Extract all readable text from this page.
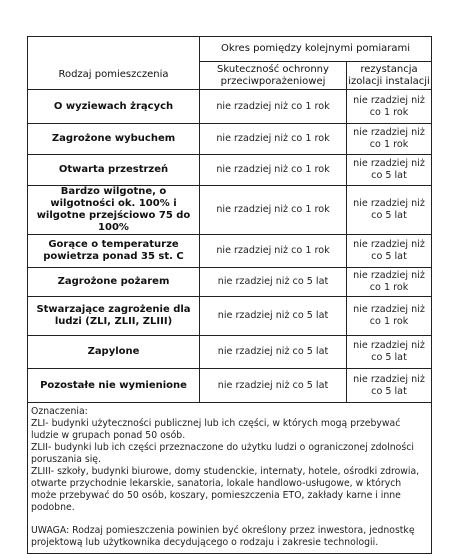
Rodzaj pomieszczenia	Okres pomiędzy kolejnymi pomiarami	
	Skuteczność ochronny przeciwporażeniowej	rezystancja izolacji instalacji
O wyziewach żrących	nie rzadziej niż co 1 rok	nie rzadziej niż co 1 rok
Zagrożone wybuchem	nie rzadziej niż co 1 rok	nie rzadziej niż co 1 rok
Otwarta przestrzeń	nie rzadziej niż co 1 rok	nie rzadziej niż co 5 lat
Bardzo wilgotne, o wilgotności ok. 100% i wilgotne przejściowo 75 do 100%	nie rzadziej niż co 1 rok	nie rzadziej niż co 5 lat
Gorące o temperaturze powietrza ponad 35 st. C	nie rzadziej niż co 1 rok	nie rzadziej niż co 5 lat
Zagrożone pożarem	nie rzadziej niż co 5 lat	nie rzadziej niż co 1 rok
Stwarzające zagrożenie dla ludzi (ZLI, ZLII, ZLIII)	nie rzadziej niż co 5 lat	nie rzadziej niż co 1 rok
Zapylone	nie rzadziej niż co 5 lat	nie rzadziej niż co 5 lat
Pozostałe nie wymienione	nie rzadziej niż co 5 lat	nie rzadziej niż co 5 lat

Oznaczenia:

ZLI- budynki użyteczności publicznej lub ich części, w których mogą przebywać ludzie w grupach ponad 50 osób.

ZLII- budynki lub ich części przeznaczone do użytku ludzi o ograniczonej zdolności poruszania się.

ZLIII- szkoły, budynki biurowe, domy studenckie, internaty, hotele, ośrodki zdrowia, otwarte przychodnie lekarskie, sanatoria, lokale handlowo-usługowe, w których może przebywać do 50 osób, koszary, pomieszczenia ETO, zakłady karne i inne podobne.

UWAGA: Rodzaj pomieszczenia powinien być określony przez inwestora, jednostkę projektową lub użytkownika decydującego o rodzaju i zakresie technologii.		
